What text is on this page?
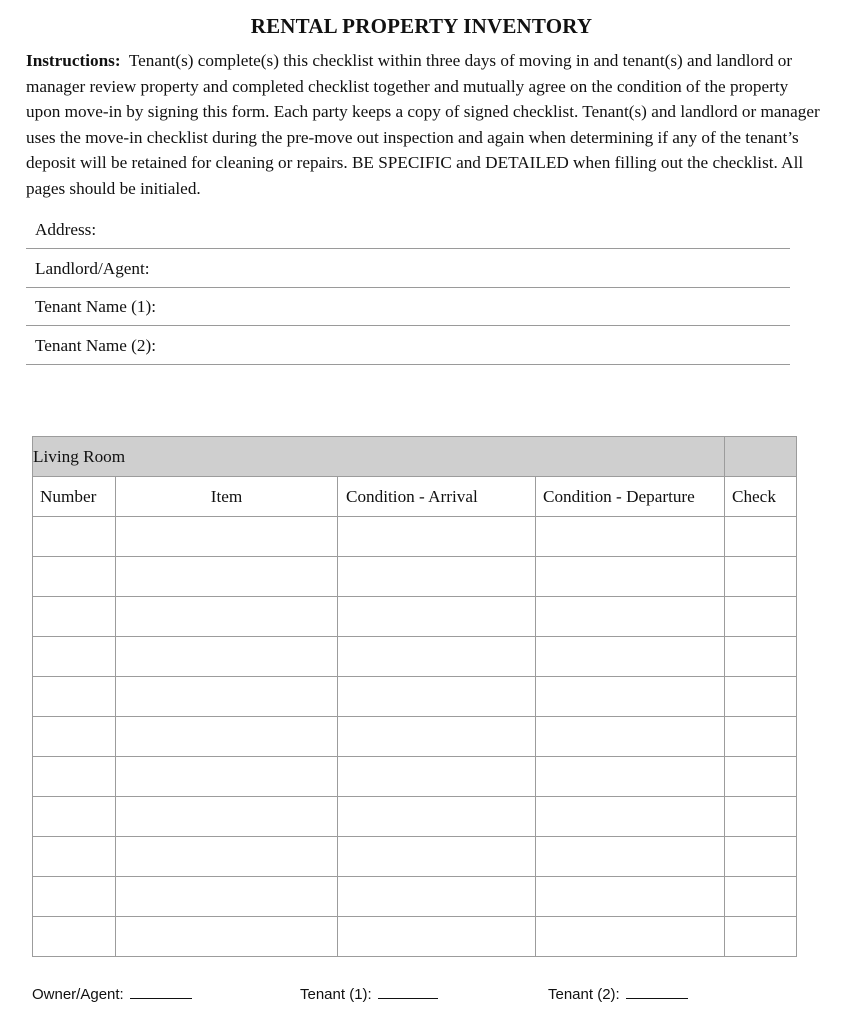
RENTAL PROPERTY INVENTORY

Instructions: Tenant(s) complete(s) this checklist within three days of moving in and tenant(s) and landlord or manager review property and completed checklist together and mutually agree on the condition of the property upon move-in by signing this form. Each party keeps a copy of signed checklist. Tenant(s) and landlord or manager uses the move-in checklist during the pre-move out inspection and again when determining if any of the tenant’s deposit will be retained for cleaning or repairs. BE SPECIFIC and DETAILED when filling out the checklist. All pages should be initialed.

Address:
Landlord/Agent:
Tenant Name (1):
Tenant Name (2):
Living Room				
Number	Item	Condition - Arrival	Condition - Departure	Check

Owner/Agent:	Tenant (1):	Tenant (2):
